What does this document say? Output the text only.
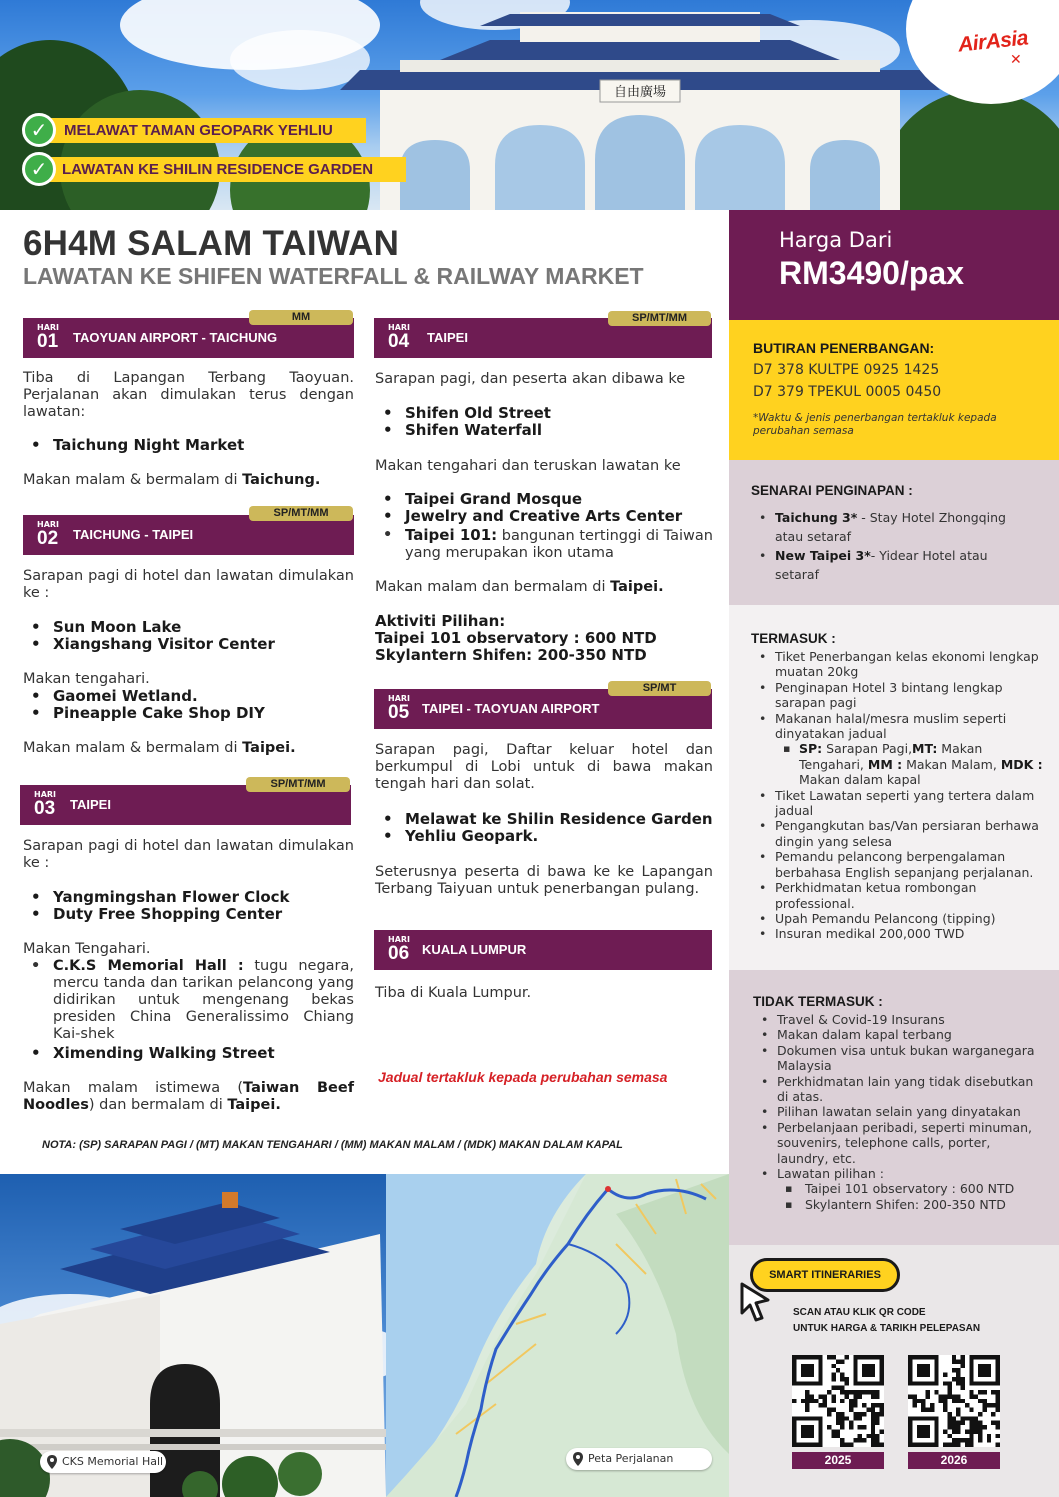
自由廣場
✓	MELAWAT TAMAN GEOPARK YEHLIU
✓ LAWATAN KE SHILIN RESIDENCE GARDEN
AirAsia
✕
6H4M SALAM TAIWAN
LAWATAN KE SHIFEN WATERFALL & RAILWAY MARKET
HARI
01 TAOYUAN AIRPORT - TAICHUNG
MM
Tiba di Lapangan Terbang Taoyuan. Perjalanan akan dimulakan terus dengan lawatan:
• Taichung Night Market
Makan malam & bermalam di Taichung.
HARI
02 TAICHUNG - TAIPEI
SP/MT/MM
Sarapan pagi di hotel dan lawatan dimulakan ke :
• Sun Moon Lake
• Xiangshang Visitor Center
Makan tengahari.
• Gaomei Wetland.
• Pineapple Cake Shop DIY
Makan malam & bermalam di Taipei.
HARI
03 TAIPEI
SP/MT/MM
Sarapan pagi di hotel dan lawatan dimulakan ke :
• Yangmingshan Flower Clock
• Duty Free Shopping Center
Makan Tengahari.
• C.K.S Memorial Hall : tugu negara, mercu tanda dan tarikan pelancong yang didirikan untuk mengenang bekas presiden China Generalissimo Chiang Kai-shek
• Ximending Walking Street
Makan malam istimewa (Taiwan Beef Noodles) dan bermalam di Taipei.
HARI
04 TAIPEI
SP/MT/MM
Sarapan pagi, dan peserta akan dibawa ke
• Shifen Old Street
• Shifen Waterfall
Makan tengahari dan teruskan lawatan ke
• Taipei Grand Mosque
• Jewelry and Creative Arts Center
• Taipei 101: bangunan tertinggi di Taiwan yang merupakan ikon utama
Makan malam dan bermalam di Taipei.
Aktiviti Pilihan:
Taipei 101 observatory : 600 NTD
Skylantern Shifen: 200-350 NTD
HARI
05 TAIPEI - TAOYUAN AIRPORT
SP/MT
Sarapan pagi, Daftar keluar hotel dan berkumpul di Lobi untuk di bawa makan tengah hari dan solat.
• Melawat ke Shilin Residence Garden
• Yehliu Geopark.
Seterusnya peserta di bawa ke ke Lapangan Terbang Taiyuan untuk penerbangan pulang.
HARI
06 KUALA LUMPUR
Tiba di Kuala Lumpur.
Jadual tertakluk kepada perubahan semasa
NOTA: (SP) SARAPAN PAGI / (MT) MAKAN TENGAHARI / (MM) MAKAN MALAM / (MDK) MAKAN DALAM KAPAL
Harga Dari
RM3490/pax
BUTIRAN PENERBANGAN:
D7 378 KULTPE 0925 1425
D7 379 TPEKUL 0005 0450
*Waktu & jenis penerbangan tertakluk kepada perubahan semasa
SENARAI PENGINAPAN :
• Taichung 3* - Stay Hotel Zhongqing atau setaraf
• New Taipei 3*- Yidear Hotel atau setaraf
TERMASUK :
• Tiket Penerbangan kelas ekonomi lengkap muatan 20kg
• Penginapan Hotel 3 bintang lengkap sarapan pagi
• Makanan halal/mesra muslim seperti dinyatakan jadual
▪ SP: Sarapan Pagi,MT: Makan Tengahari, MM : Makan Malam, MDK : Makan dalam kapal
• Tiket Lawatan seperti yang tertera dalam jadual
• Pengangkutan bas/Van persiaran berhawa dingin yang selesa
• Pemandu pelancong berpengalaman berbahasa English sepanjang perjalanan.
• Perkhidmatan ketua rombongan professional.
• Upah Pemandu Pelancong (tipping)
• Insuran medikal 200,000 TWD
TIDAK TERMASUK :
• Travel & Covid-19 Insurans
• Makan dalam kapal terbang
• Dokumen visa untuk bukan warganegara Malaysia
• Perkhidmatan lain yang tidak disebutkan di atas.
• Pilihan lawatan selain yang dinyatakan
• Perbelanjaan peribadi, seperti minuman, souvenirs, telephone calls, porter, laundry, etc.
• Lawatan pilihan :
▪ Taipei 101 observatory : 600 NTD
▪ Skylantern Shifen: 200-350 NTD
SMART ITINERARIES
SCAN ATAU KLIK QR CODE
UNTUK HARGA & TARIKH PELEPASAN
2025	2026
CKS Memorial Hall	Peta Perjalanan
